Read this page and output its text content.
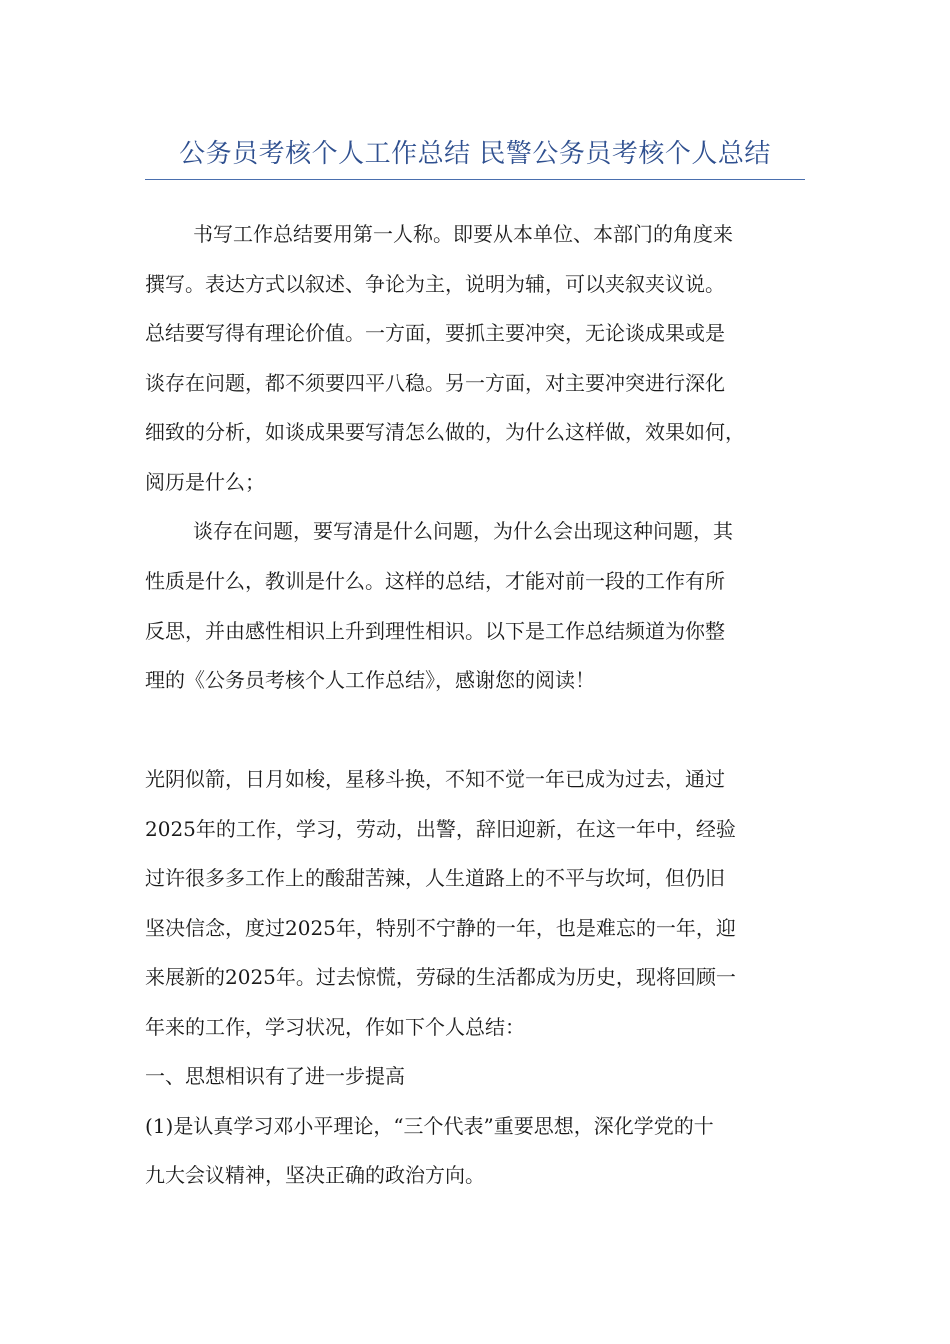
公务员考核个人工作总结 民警公务员考核个人总结
书写工作总结要用第一人称。即要从本单位、本部门的角度来
撰写。表达方式以叙述、争论为主，说明为辅，可以夹叙夹议说。
总结要写得有理论价值。一方面，要抓主要冲突，无论谈成果或是
谈存在问题，都不须要四平八稳。另一方面，对主要冲突进行深化
细致的分析，如谈成果要写清怎么做的，为什么这样做，效果如何，
阅历是什么；
谈存在问题，要写清是什么问题，为什么会出现这种问题，其
性质是什么，教训是什么。这样的总结，才能对前一段的工作有所
反思，并由感性相识上升到理性相识。以下是工作总结频道为你整
理的《公务员考核个人工作总结》，感谢您的阅读！
光阴似箭，日月如梭，星移斗换，不知不觉一年已成为过去，通过
2025年的工作，学习，劳动，出警，辞旧迎新，在这一年中，经验
过许很多多工作上的酸甜苦辣，人生道路上的不平与坎坷，但仍旧
坚决信念，度过2025年，特别不宁静的一年，也是难忘的一年，迎
来展新的2025年。过去惊慌，劳碌的生活都成为历史，现将回顾一
年来的工作，学习状况，作如下个人总结：
一、思想相识有了进一步提高
(1)是认真学习邓小平理论，“三个代表”重要思想，深化学党的十
九大会议精神，坚决正确的政治方向。
